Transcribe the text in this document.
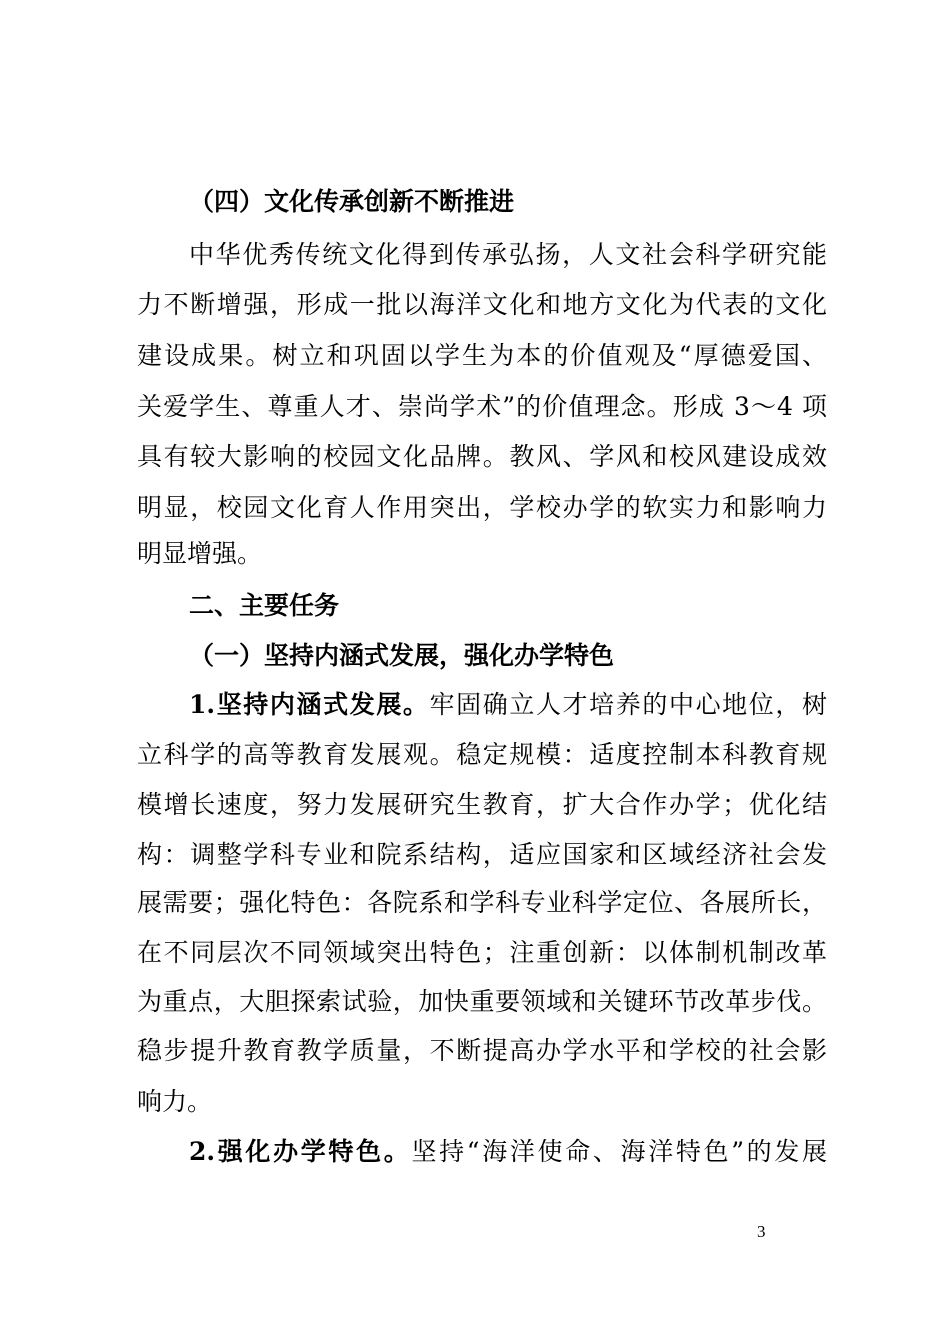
（四）文化传承创新不断推进
中华优秀传统文化得到传承弘扬，人文社会科学研究能
力不断增强，形成一批以海洋文化和地方文化为代表的文化
建设成果。树立和巩固以学生为本的价值观及“厚德爱国、
关爱学生、尊重人才、崇尚学术”的价值理念。形成 3～4 项
具有较大影响的校园文化品牌。教风、学风和校风建设成效
明显，校园文化育人作用突出，学校办学的软实力和影响力
明显增强。
二、主要任务
（一）坚持内涵式发展，强化办学特色
1.坚持内涵式发展。牢固确立人才培养的中心地位，树
立科学的高等教育发展观。稳定规模：适度控制本科教育规
模增长速度，努力发展研究生教育，扩大合作办学；优化结
构：调整学科专业和院系结构，适应国家和区域经济社会发
展需要；强化特色：各院系和学科专业科学定位、各展所长，
在不同层次不同领域突出特色；注重创新：以体制机制改革
为重点，大胆探索试验，加快重要领域和关键环节改革步伐。
稳步提升教育教学质量，不断提高办学水平和学校的社会影
响力。
2.强化办学特色。坚持“海洋使命、海洋特色”的发展
3
